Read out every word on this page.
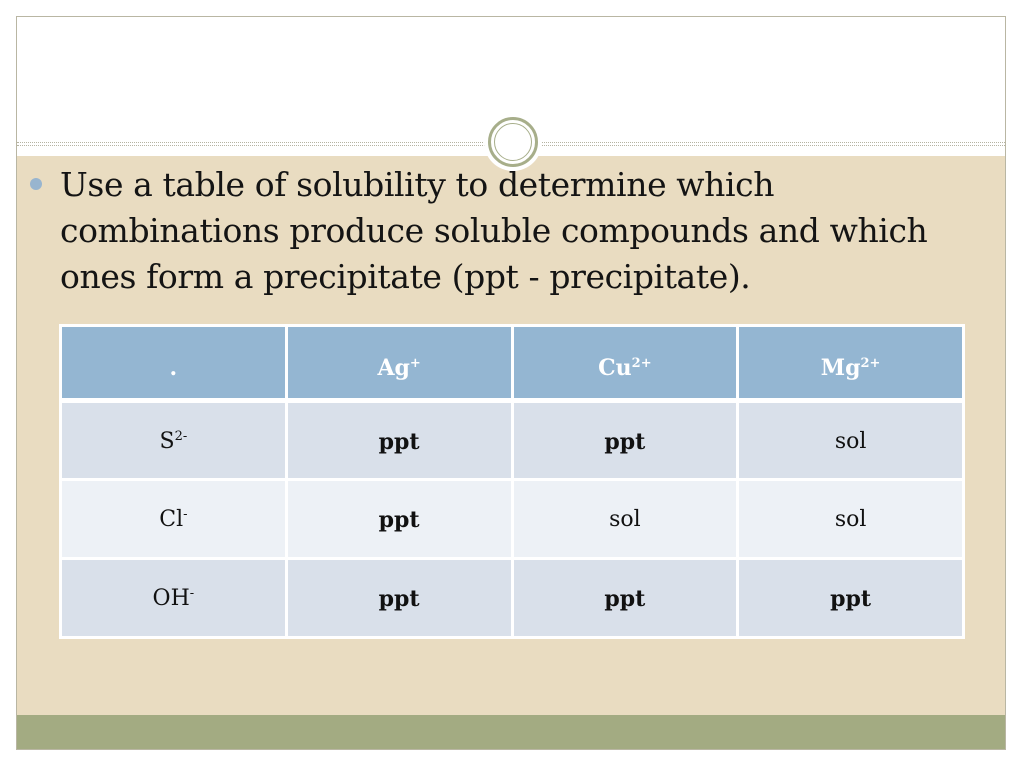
Use a table of solubility to determine which combinations produce soluble compounds and which ones form a precipitate (ppt - precipitate).
.	Ag+	$Cu^{2+}$	$Mg^{2+}$
$S^{2-}$	ppt	ppt	sol
Cl-	ppt	sol	sol
OH-	ppt	ppt	ppt
